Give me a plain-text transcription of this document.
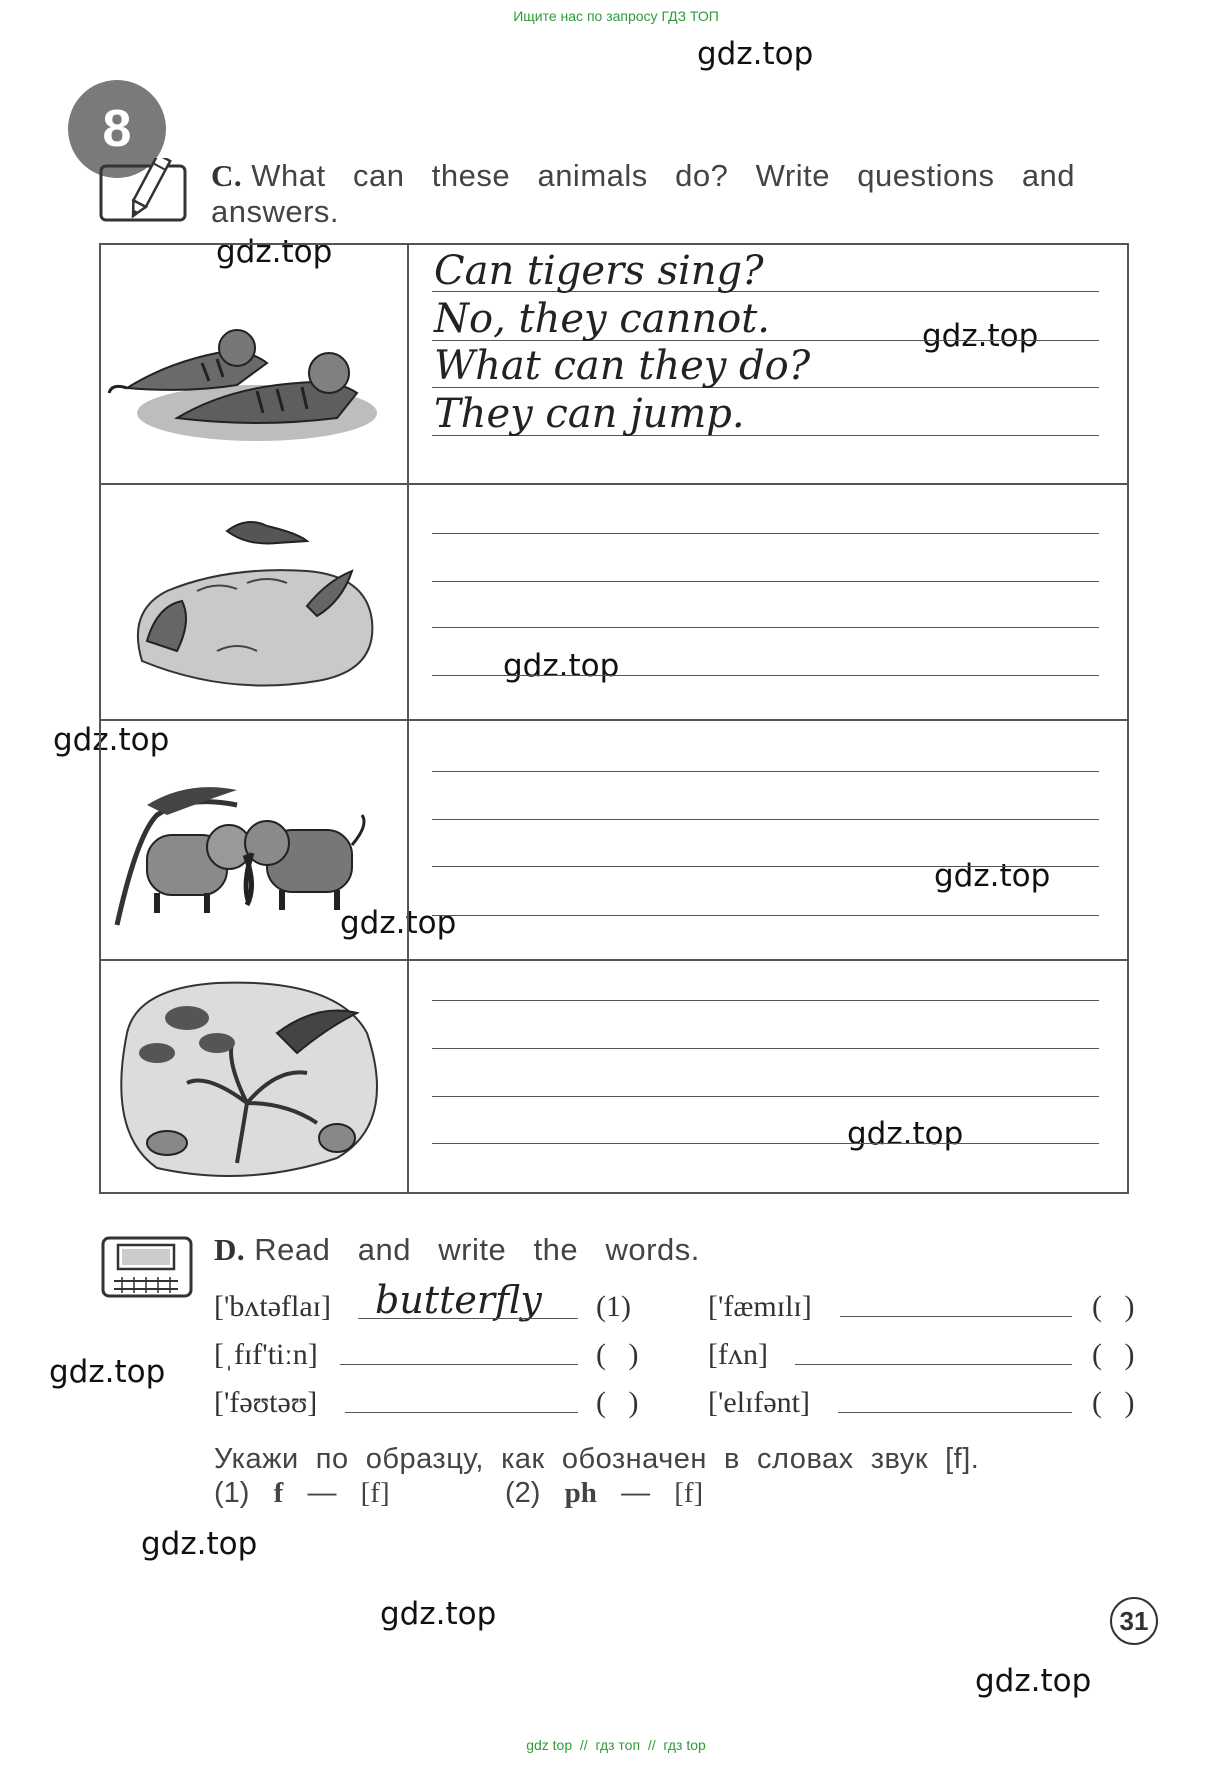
Ищите нас по запросу ГДЗ ТОП
gdz.top
gdz.top
gdz.top
gdz.top
gdz.top
gdz.top
gdz.top
gdz.top
gdz.top
gdz.top
gdz.top
gdz.top
8
C. What   can   these   animals   do?   Write   questions   and
answers.
Can tigers sing?
No, they cannot.
What can they do?
They can jump.
D. Read   and   write   the   words.
['bʌtəflaɪ] butterfly (1)	['fæmɪlɪ]	(   )
[ˌfɪf'tiːn]	(   ) [fʌn]	(   )
['fəʊtəʊ]	(   ) ['elɪfənt]	(   )
Укажи  по  образцу,  как  обозначен  в  словах  звук  [f].
(1) f — [f]	(2) ph — [f]
31
gdz top  //  гдз топ  //  гдз top
